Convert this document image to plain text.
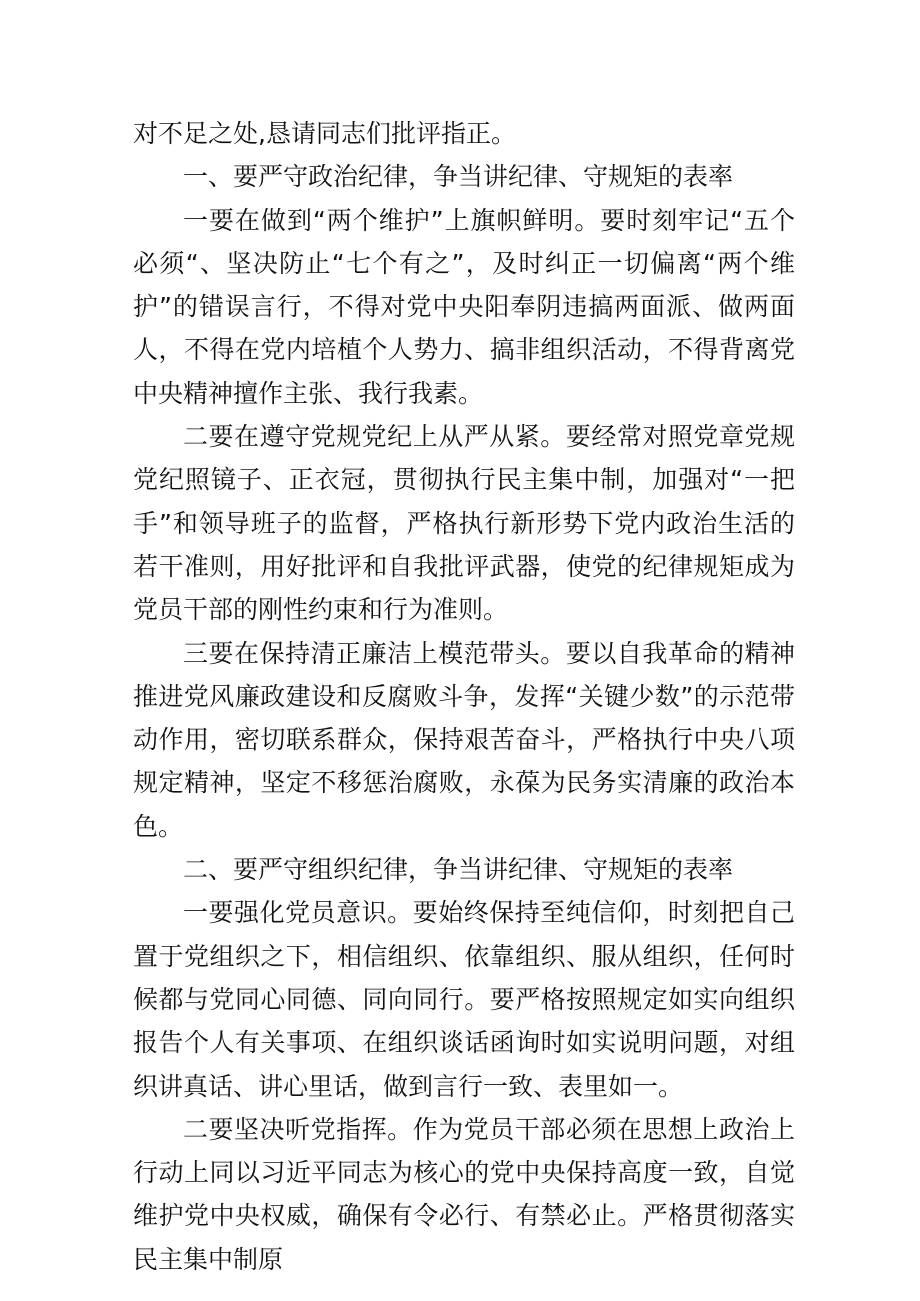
对不足之处,恳请同志们批评指正。

一、要严守政治纪律，争当讲纪律、守规矩的表率

一要在做到“两个维护”上旗帜鲜明。要时刻牢记“五个必须“、坚决防止“七个有之”，及时纠正一切偏离“两个维护”的错误言行，不得对党中央阳奉阴违搞两面派、做两面人，不得在党内培植个人势力、搞非组织活动，不得背离党中央精神擅作主张、我行我素。

二要在遵守党规党纪上从严从紧。要经常对照党章党规党纪照镜子、正衣冠，贯彻执行民主集中制，加强对“一把手”和领导班子的监督，严格执行新形势下党内政治生活的若干准则，用好批评和自我批评武器，使党的纪律规矩成为党员干部的刚性约束和行为准则。

三要在保持清正廉洁上模范带头。要以自我革命的精神推进党风廉政建设和反腐败斗争，发挥“关键少数”的示范带动作用，密切联系群众，保持艰苦奋斗，严格执行中央八项规定精神，坚定不移惩治腐败，永葆为民务实清廉的政治本色。

二、要严守组织纪律，争当讲纪律、守规矩的表率

一要强化党员意识。要始终保持至纯信仰，时刻把自己置于党组织之下，相信组织、依靠组织、服从组织，任何时候都与党同心同德、同向同行。要严格按照规定如实向组织报告个人有关事项、在组织谈话函询时如实说明问题，对组织讲真话、讲心里话，做到言行一致、表里如一。

二要坚决听党指挥。作为党员干部必须在思想上政治上行动上同以习近平同志为核心的党中央保持高度一致，自觉维护党中央权威，确保有令必行、有禁必止。严格贯彻落实民主集中制原
